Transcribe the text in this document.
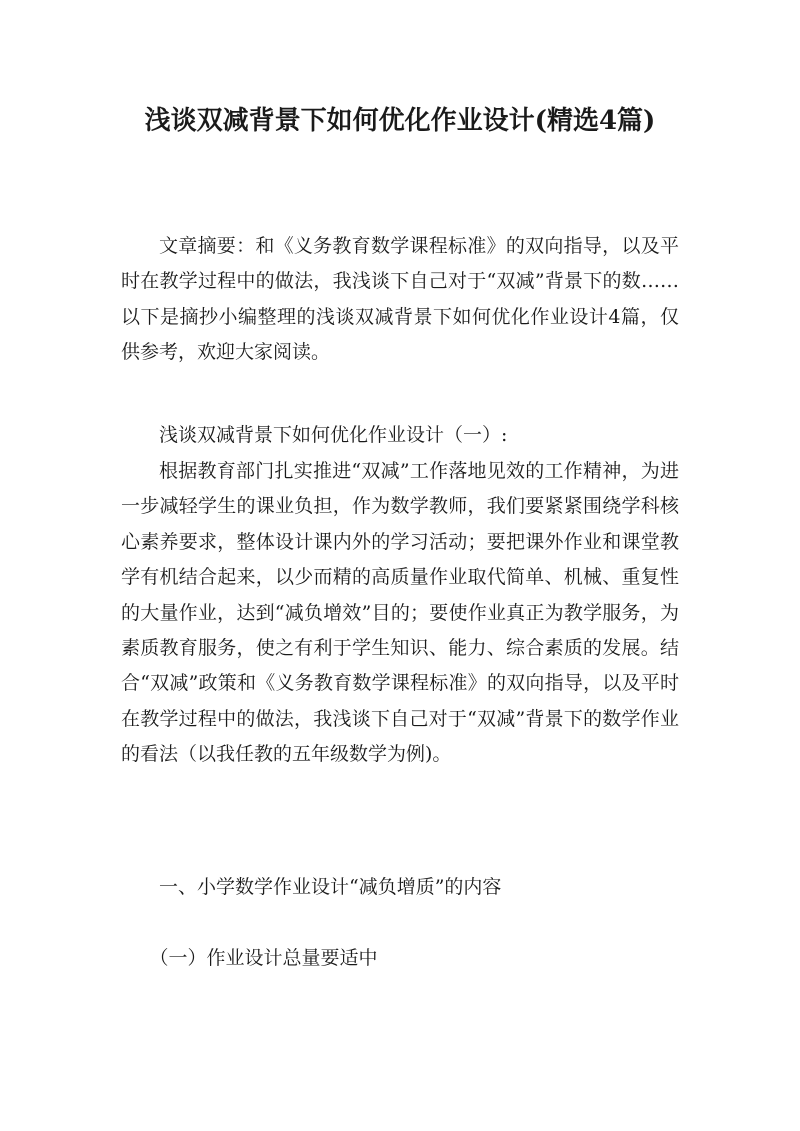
浅谈双减背景下如何优化作业设计(精选4篇)
文章摘要：和《义务教育数学课程标准》的双向指导，以及平时在教学过程中的做法，我浅谈下自己对于“双减”背景下的数……以下是摘抄小编整理的浅谈双减背景下如何优化作业设计4篇，仅供参考，欢迎大家阅读。
浅谈双减背景下如何优化作业设计（一）:
根据教育部门扎实推进“双减”工作落地见效的工作精神，为进一步减轻学生的课业负担，作为数学教师，我们要紧紧围绕学科核心素养要求，整体设计课内外的学习活动；要把课外作业和课堂教学有机结合起来，以少而精的高质量作业取代简单、机械、重复性的大量作业，达到“减负增效”目的；要使作业真正为教学服务，为素质教育服务，使之有利于学生知识、能力、综合素质的发展。结合“双减”政策和《义务教育数学课程标准》的双向指导，以及平时在教学过程中的做法，我浅谈下自己对于“双减”背景下的数学作业的看法（以我任教的五年级数学为例)。
一、小学数学作业设计“减负增质”的内容
（一）作业设计总量要适中
